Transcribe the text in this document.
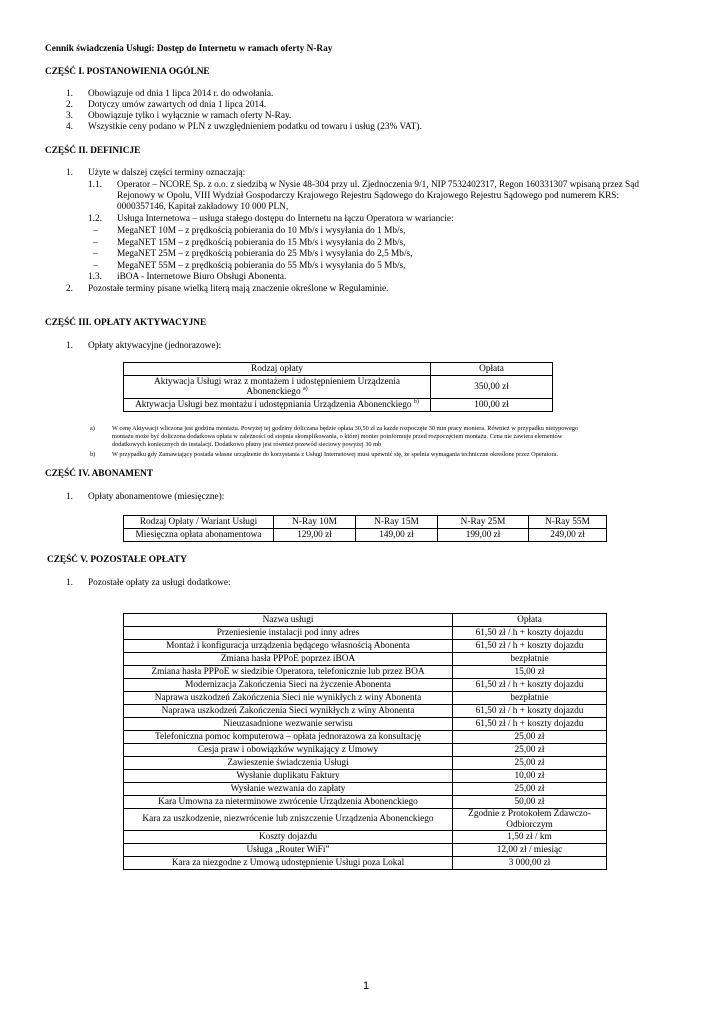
Cennik świadczenia Usługi: Dostęp do Internetu w ramach oferty N-Ray
CZĘŚĆ I. POSTANOWIENIA OGÓLNE
1. Obowiązuje od dnia 1 lipca 2014 r. do odwołania.
2. Dotyczy umów zawartych od dnia 1 lipca 2014.
3. Obowiązuje tylko i wyłącznie w ramach oferty N-Ray.
4. Wszystkie ceny podano w PLN z uwzględnieniem podatku od towaru i usług (23% VAT).
CZĘŚĆ II. DEFINICJE
1. Użyte w dalszej części terminy oznaczają:
1.1. Operator – NCORE Sp. z o.o. z siedzibą w Nysie 48-304 przy ul. Zjednoczenia 9/1, NIP 7532402317, Regon 160331307 wpisaną przez Sąd
Rejonowy w Opolu, VIII Wydział Gospodarczy Krajowego Rejestru Sądowego do Krajowego Rejestru Sądowego pod numerem KRS:
0000357146, Kapitał zakładowy 10 000 PLN,
1.2. Usługa Internetowa – usługa stałego dostępu do Internetu na łączu Operatora w wariancie:
– MegaNET 10M – z prędkością pobierania do 10 Mb/s i wysyłania do 1 Mb/s,
– MegaNET 15M – z prędkością pobierania do 15 Mb/s i wysyłania do 2 Mb/s,
– MegaNET 25M – z prędkością pobierania do 25 Mb/s i wysyłania do 2,5 Mb/s,
– MegaNET 55M – z prędkością pobierania do 55 Mb/s i wysyłania do 5 Mb/s,
1.3. iBOA - Internetowe Biuro Obsługi Abonenta.
2. Pozostałe terminy pisane wielką literą mają znaczenie określone w Regulaminie.
CZĘŚĆ III. OPŁATY AKTYWACYJNE
1. Opłaty aktywacyjne (jednorazowe):
Rodzaj opłaty	Opłata
Aktywacja Usługi wraz z montażem i udostępnieniem Urządzenia
Abonenckiego $^{a)}$	350,00 zł
Aktywacja Usługi bez montażu i udostępniania Urządzenia Abonenckiego $^{b)}$	100,00 zł
a)	W cenę Aktywacji wliczona jest godzina montażu. Powyżej tej godziny doliczana będzie opłata 30,50 zł za każde rozpoczęte 30 min pracy montera. Również w przypadku nietypowego
montażu może być doliczona dodatkowa opłata w zależności od stopnia skomplikowania, o której monter poinformuje przed rozpoczęciem montażu. Cena nie zawiera elementów
dodatkowych koniecznych do instalacji. Dodatkowo płatny jest również przewód sieciowy powyżej 30 mb
b)	W przypadku gdy Zamawiający posiada własne urządzenie do korzystania z Usługi Internetowej musi upewnić się, że spełnia wymagania techniczne określone przez Operatora.
CZĘŚĆ IV. ABONAMENT
1. Opłaty abonamentowe (miesięczne):
Rodzaj Opłaty / Wariant Usługi	N-Ray 10M	N-Ray 15M	N-Ray 25M	N-Ray 55M
Miesięczna opłata abonamentowa	129,00 zł	149,00 zł	199,00 zł	249,00 zł
CZĘŚĆ V. POZOSTAŁE OPŁATY
1. Pozostałe opłaty za usługi dodatkowe:
Nazwa usługi	Opłata
Przeniesienie instalacji pod inny adres	61,50 zł / h + koszty dojazdu
Montaż i konfiguracja urządzenia będącego własnością Abonenta	61,50 zł / h + koszty dojazdu
Zmiana hasła PPPoE poprzez iBOA	bezpłatnie
Zmiana hasła PPPoE w siedzibie Operatora, telefonicznie lub przez BOA	15,00 zł
Modernizacja Zakończenia Sieci na życzenie Abonenta	61,50 zł / h + koszty dojazdu
Naprawa uszkodzeń Zakończenia Sieci nie wynikłych z winy Abonenta	bezpłatnie
Naprawa uszkodzeń Zakończenia Sieci wynikłych z winy Abonenta	61,50 zł / h + koszty dojazdu
Nieuzasadnione wezwanie serwisu	61,50 zł / h + koszty dojazdu
Telefoniczna pomoc komputerowa – opłata jednorazowa za konsultację	25,00 zł
Cesja praw i obowiązków wynikający z Umowy	25,00 zł
Zawieszenie świadczenia Usługi	25,00 zł
Wysłanie duplikatu Faktury	10,00 zł
Wysłanie wezwania do zapłaty	25,00 zł
Kara Umowna za nieterminowe zwrócenie Urządzenia Abonenckiego	50,00 zł
Kara za uszkodzenie, niezwrócenie lub zniszczenie Urządzenia Abonenckiego	Zgodnie z Protokołem Zdawczo-Odbiorczym
Koszty dojazdu	1,50 zł / km
Usługa „Router WiFi”	12,00 zł / miesiąc
Kara za niezgodne z Umową udostępnienie Usługi poza Lokal	3 000,00 zł
1
